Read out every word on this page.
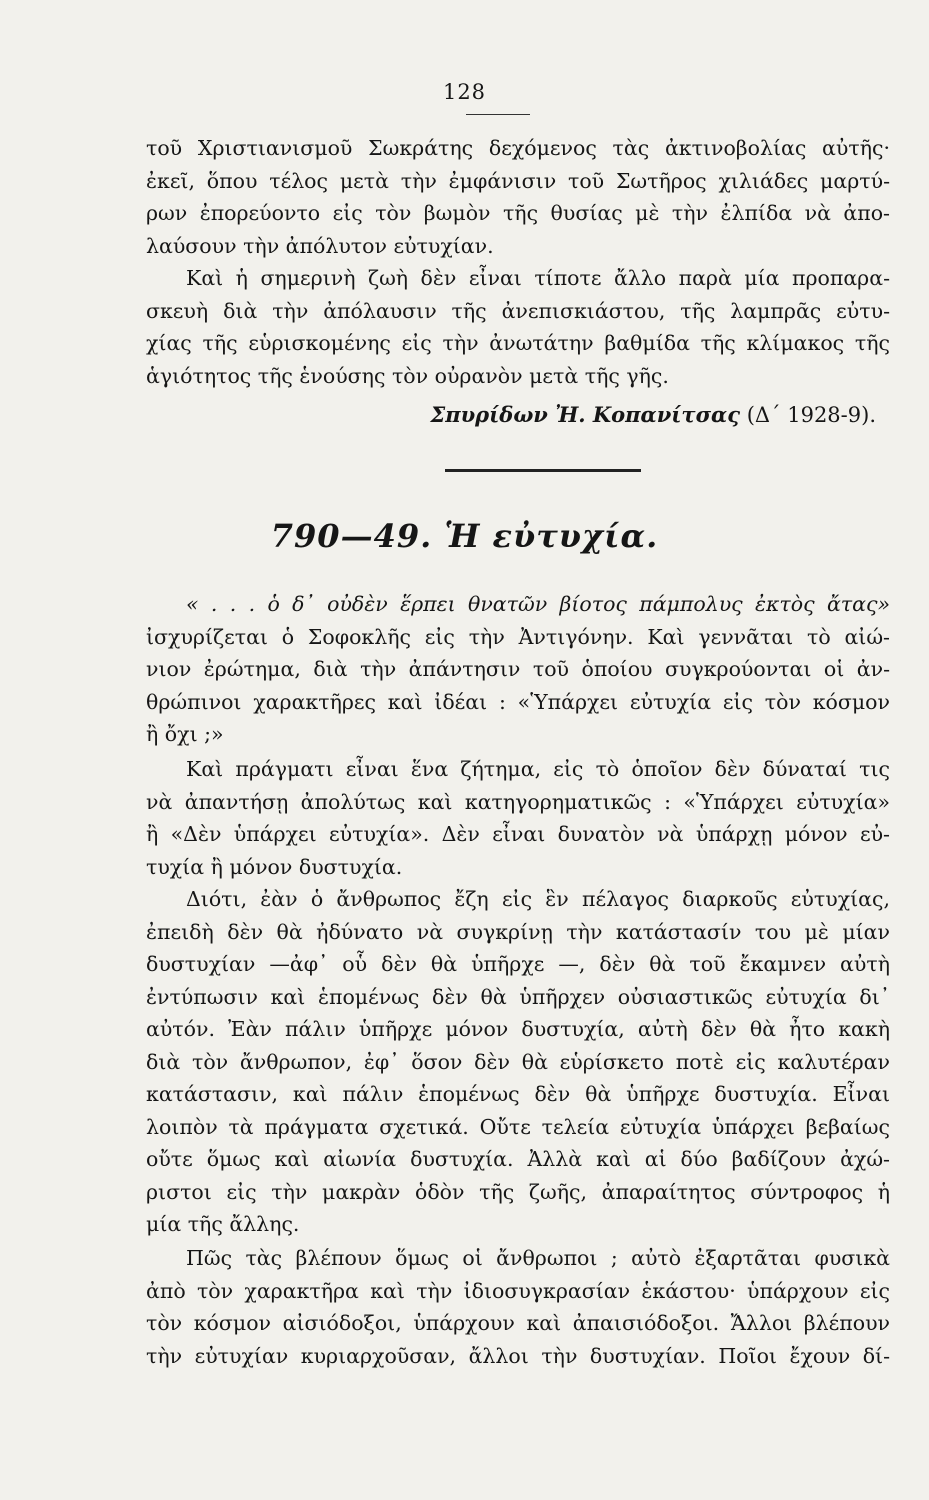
128
τοῦ Χριστιανισμοῦ Σωκράτης δεχόμενος τὰς ἀκτινοβολίας αὐτῆς·
ἐκεῖ, ὅπου τέλος μετὰ τὴν ἐμφάνισιν τοῦ Σωτῆρος χιλιάδες μαρτύ-
ρων ἐπορεύοντο εἰς τὸν βωμὸν τῆς θυσίας μὲ τὴν ἐλπίδα νὰ ἀπο-
λαύσουν τὴν ἀπόλυτον εὐτυχίαν.
Καὶ ἡ σημερινὴ ζωὴ δὲν εἶναι τίποτε ἄλλο παρὰ μία προπαρα-
σκευὴ διὰ τὴν ἀπόλαυσιν τῆς ἀνεπισκιάστου, τῆς λαμπρᾶς εὐτυ-
χίας τῆς εὑρισκομένης εἰς τὴν ἀνωτάτην βαθμίδα τῆς κλίμακος τῆς
ἁγιότητος τῆς ἑνούσης τὸν οὐρανὸν μετὰ τῆς γῆς.
Σπυρίδων Ἠ. Κοπανίτσας (Δ΄ 1928-9).
790—49. Ἡ εὐτυχία.
« . . . ὁ δ᾽ οὐδὲν ἕρπει θνατῶν βίοτος πάμπολυς ἐκτὸς ἄτας»
ἰσχυρίζεται ὁ Σοφοκλῆς εἰς τὴν Ἀντιγόνην. Καὶ γεννᾶται τὸ αἰώ-
νιον ἐρώτημα, διὰ τὴν ἀπάντησιν τοῦ ὁποίου συγκρούονται οἱ ἀν-
θρώπινοι χαρακτῆρες καὶ ἰδέαι : «Ὑπάρχει εὐτυχία εἰς τὸν κόσμον
ἢ ὄχι ;»
Καὶ πράγματι εἶναι ἕνα ζήτημα, εἰς τὸ ὁποῖον δὲν δύναταί τις
νὰ ἀπαντήσῃ ἀπολύτως καὶ κατηγορηματικῶς : «Ὑπάρχει εὐτυχία»
ἢ «Δὲν ὑπάρχει εὐτυχία». Δὲν εἶναι δυνατὸν νὰ ὑπάρχῃ μόνον εὐ-
τυχία ἢ μόνον δυστυχία.
Διότι, ἐὰν ὁ ἄνθρωπος ἔζη εἰς ἓν πέλαγος διαρκοῦς εὐτυχίας,
ἐπειδὴ δὲν θὰ ἠδύνατο νὰ συγκρίνῃ τὴν κατάστασίν του μὲ μίαν
δυστυχίαν —ἀφ᾽ οὗ δὲν θὰ ὑπῆρχε —, δὲν θὰ τοῦ ἔκαμνεν αὐτὴ
ἐντύπωσιν καὶ ἑπομένως δὲν θὰ ὑπῆρχεν οὐσιαστικῶς εὐτυχία δι᾽
αὐτόν. Ἐὰν πάλιν ὑπῆρχε μόνον δυστυχία, αὐτὴ δὲν θὰ ἦτο κακὴ
διὰ τὸν ἄνθρωπον, ἐφ᾽ ὅσον δὲν θὰ εὑρίσκετο ποτὲ εἰς καλυτέραν
κατάστασιν, καὶ πάλιν ἑπομένως δὲν θὰ ὑπῆρχε δυστυχία. Εἶναι
λοιπὸν τὰ πράγματα σχετικά. Οὔτε τελεία εὐτυχία ὑπάρχει βεβαίως
οὔτε ὅμως καὶ αἰωνία δυστυχία. Ἀλλὰ καὶ αἱ δύο βαδίζουν ἀχώ-
ριστοι εἰς τὴν μακρὰν ὁδὸν τῆς ζωῆς, ἀπαραίτητος σύντροφος ἡ
μία τῆς ἄλλης.
Πῶς τὰς βλέπουν ὅμως οἱ ἄνθρωποι ; αὐτὸ ἐξαρτᾶται φυσικὰ
ἀπὸ τὸν χαρακτῆρα καὶ τὴν ἰδιοσυγκρασίαν ἑκάστου· ὑπάρχουν εἰς
τὸν κόσμον αἰσιόδοξοι, ὑπάρχουν καὶ ἀπαισιόδοξοι. Ἄλλοι βλέπουν
τὴν εὐτυχίαν κυριαρχοῦσαν, ἄλλοι τὴν δυστυχίαν. Ποῖοι ἔχουν δί-
